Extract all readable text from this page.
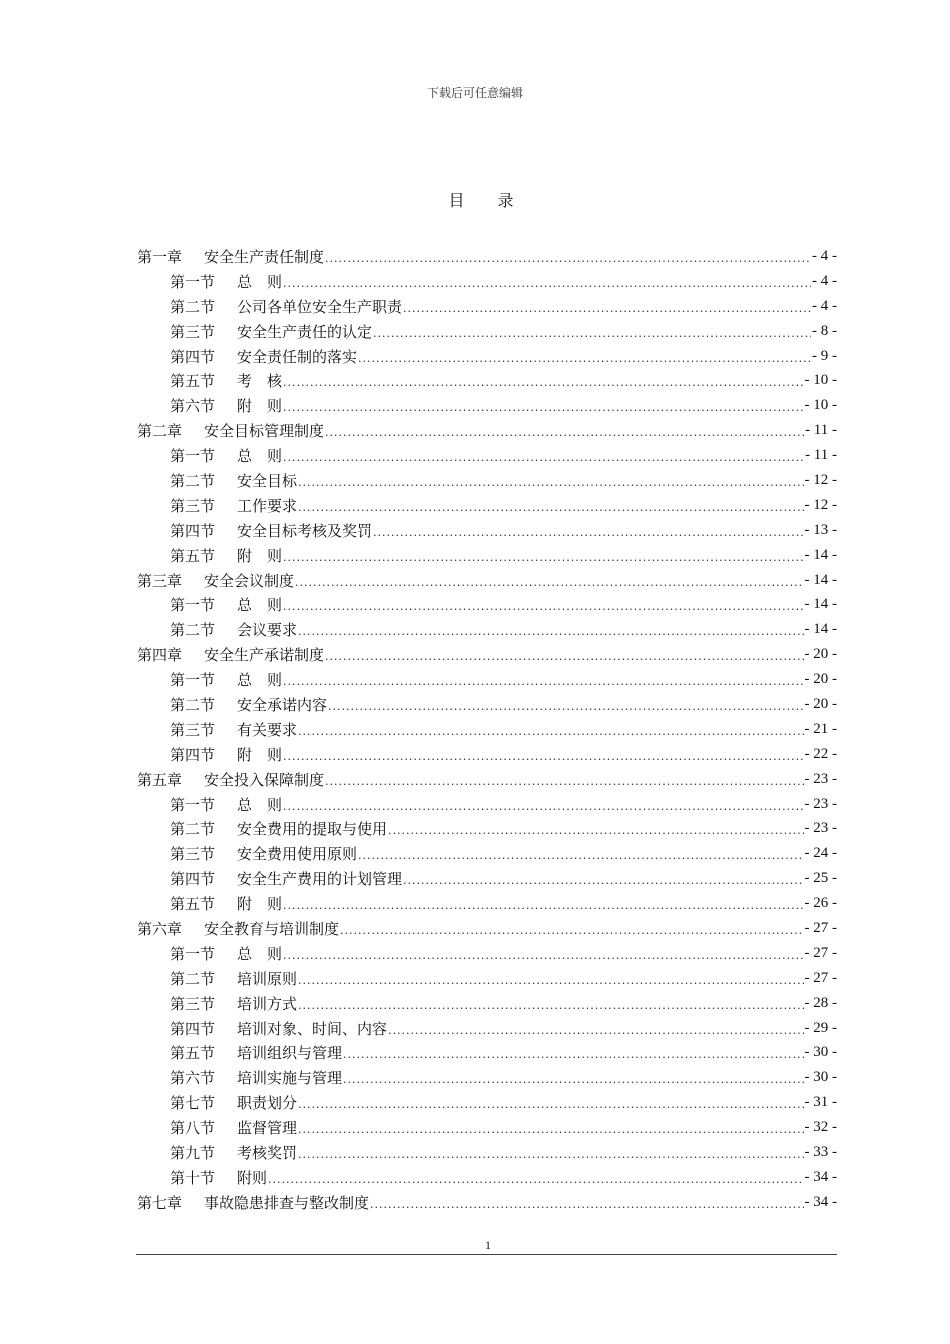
下载后可任意编辑
目 录
第一章 安全生产责任制度 .....	- 4 -
第一节 总　则 .....	- 4 -
第二节 公司各单位安全生产职责 .....	- 4 -
第三节 安全生产责任的认定 .....	- 8 -
第四节 安全责任制的落实 .....	- 9 -
第五节 考　核 .....	- 10 -
第六节 附　则 .....	- 10 -
第二章 安全目标管理制度 .....	- 11 -
第一节 总　则 .....	- 11 -
第二节 安全目标 .....	- 12 -
第三节 工作要求 .....	- 12 -
第四节 安全目标考核及奖罚 .....	- 13 -
第五节 附　则 .....	- 14 -
第三章 安全会议制度 .....	- 14 -
第一节 总　则 .....	- 14 -
第二节 会议要求 .....	- 14 -
第四章 安全生产承诺制度 .....	- 20 -
第一节 总　则 .....	- 20 -
第二节 安全承诺内容 .....	- 20 -
第三节 有关要求 .....	- 21 -
第四节 附　则 .....	- 22 -
第五章 安全投入保障制度 .....	- 23 -
第一节 总　则 .....	- 23 -
第二节 安全费用的提取与使用 .....	- 23 -
第三节 安全费用使用原则 .....	- 24 -
第四节 安全生产费用的计划管理 .....	- 25 -
第五节 附　则 .....	- 26 -
第六章 安全教育与培训制度 .....	- 27 -
第一节 总　则 .....	- 27 -
第二节 培训原则 .....	- 27 -
第三节 培训方式 .....	- 28 -
第四节 培训对象、时间、内容 .....	- 29 -
第五节 培训组织与管理 .....	- 30 -
第六节 培训实施与管理 .....	- 30 -
第七节 职责划分 .....	- 31 -
第八节 监督管理 .....	- 32 -
第九节 考核奖罚 .....	- 33 -
第十节 附则 .....	- 34 -
第七章 事故隐患排查与整改制度 .....	- 34 -
1
